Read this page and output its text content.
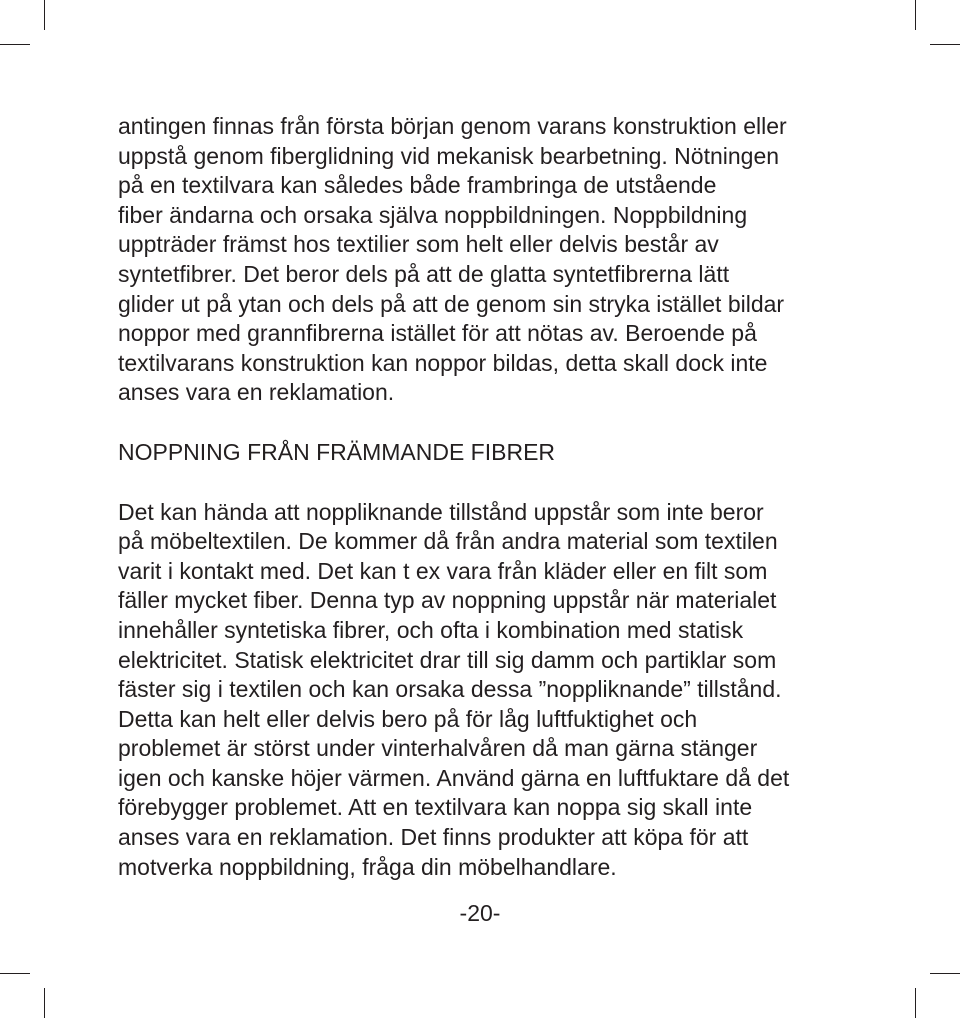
antingen finnas från första början genom varans konstruktion eller
uppstå genom fiberglidning vid mekanisk bearbetning. Nötningen
på en textilvara kan således både frambringa de utstående
fiber ändarna och orsaka själva noppbildningen. Noppbildning
uppträder främst hos textilier som helt eller delvis består av
syntetfibrer. Det beror dels på att de glatta syntetfibrerna lätt
glider ut på ytan och dels på att de genom sin stryka istället bildar
noppor med grannfibrerna istället för att nötas av. Beroende på
textilvarans konstruktion kan noppor bildas, detta skall dock inte
anses vara en reklamation.

NOPPNING FRÅN FRÄMMANDE FIBRER

Det kan hända att noppliknande tillstånd uppstår som inte beror
på möbeltextilen. De kommer då från andra material som textilen
varit i kontakt med. Det kan t ex vara från kläder eller en filt som
fäller mycket fiber. Denna typ av noppning uppstår när materialet
innehåller syntetiska fibrer, och ofta i kombination med statisk
elektricitet. Statisk elektricitet drar till sig damm och partiklar som
fäster sig i textilen och kan orsaka dessa ”noppliknande” tillstånd.
Detta kan helt eller delvis bero på för låg luftfuktighet och
problemet är störst under vinterhalvåren då man gärna stänger
igen och kanske höjer värmen. Använd gärna en luftfuktare då det
förebygger problemet. Att en textilvara kan noppa sig skall inte
anses vara en reklamation. Det finns produkter att köpa för att
motverka noppbildning, fråga din möbelhandlare.

-20-
